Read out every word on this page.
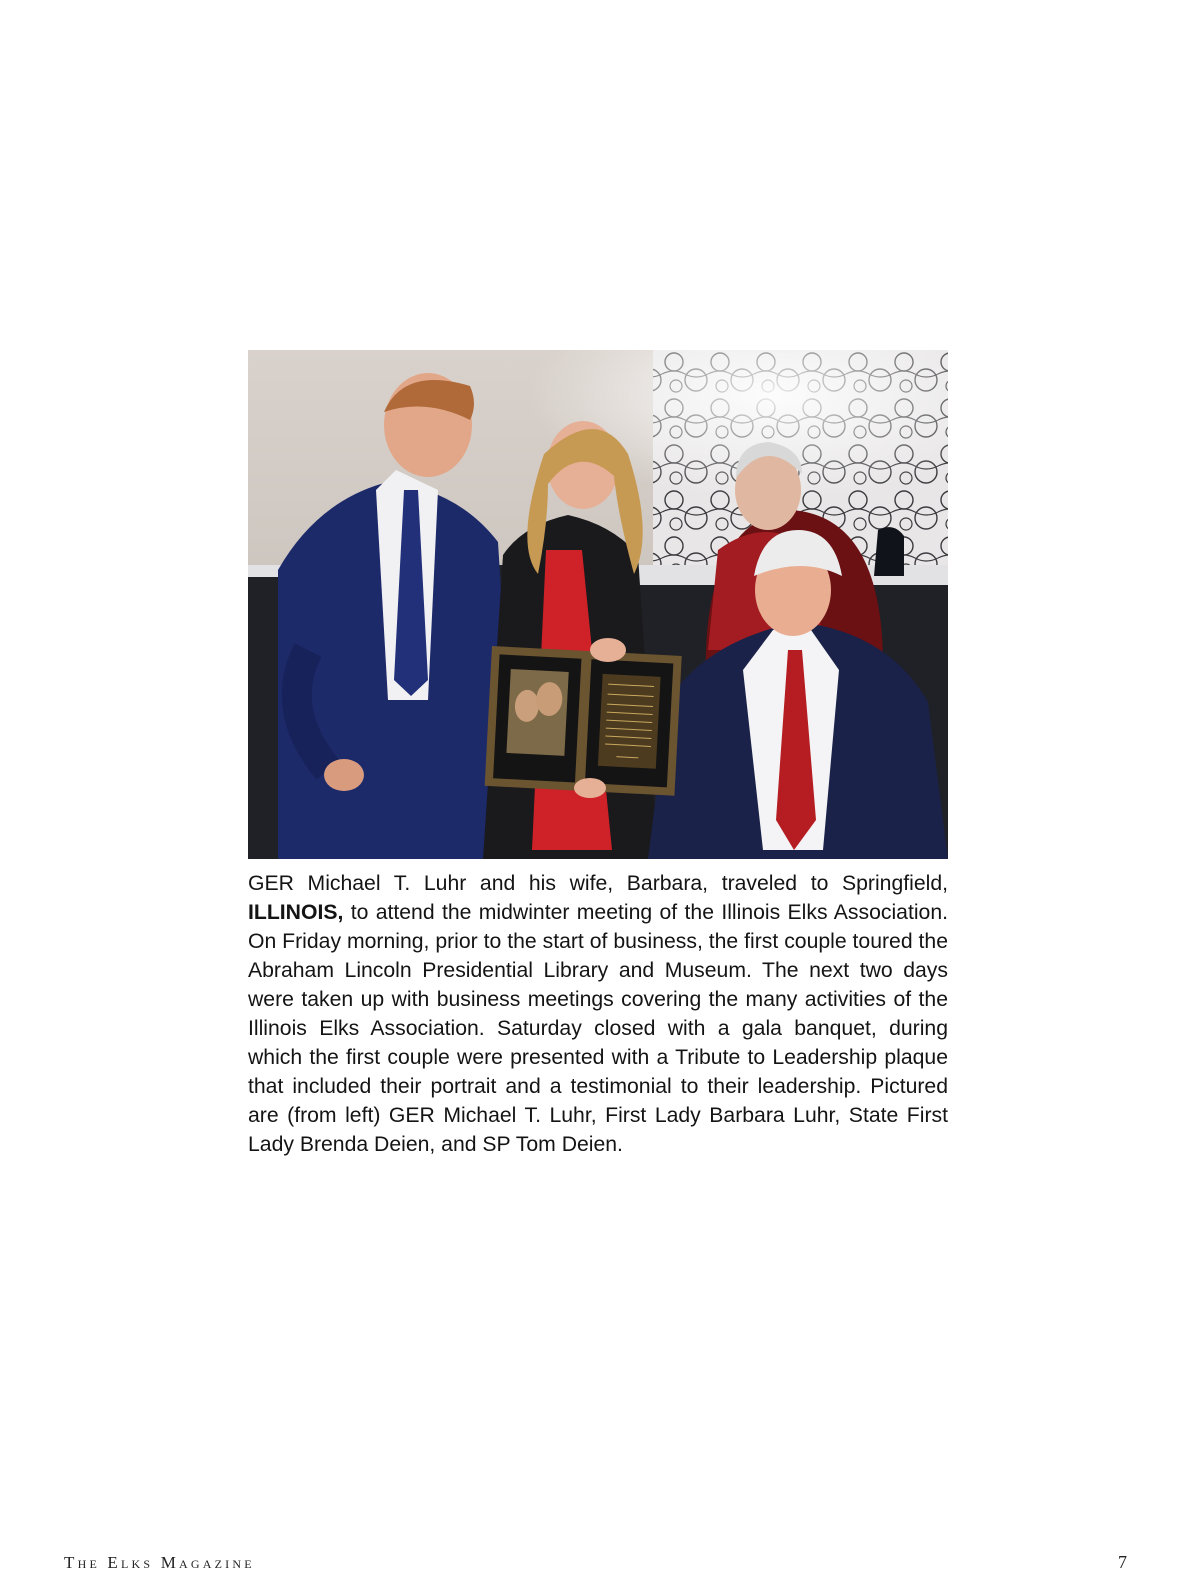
GER Michael T. Luhr and his wife, Barbara, traveled to Springfield, ILLINOIS, to attend the midwinter meeting of the Illinois Elks Association. On Friday morning, prior to the start of business, the first couple toured the Abraham Lincoln Presidential Library and Museum. The next two days were taken up with business meetings covering the many activities of the Illinois Elks Association. Saturday closed with a gala banquet, during which the first couple were presented with a Tribute to Leadership plaque that included their portrait and a testimonial to their leadership. Pictured are (from left) GER Michael T. Luhr, First Lady Barbara Luhr, State First Lady Brenda Deien, and SP Tom Deien.
The Elks Magazine	7
